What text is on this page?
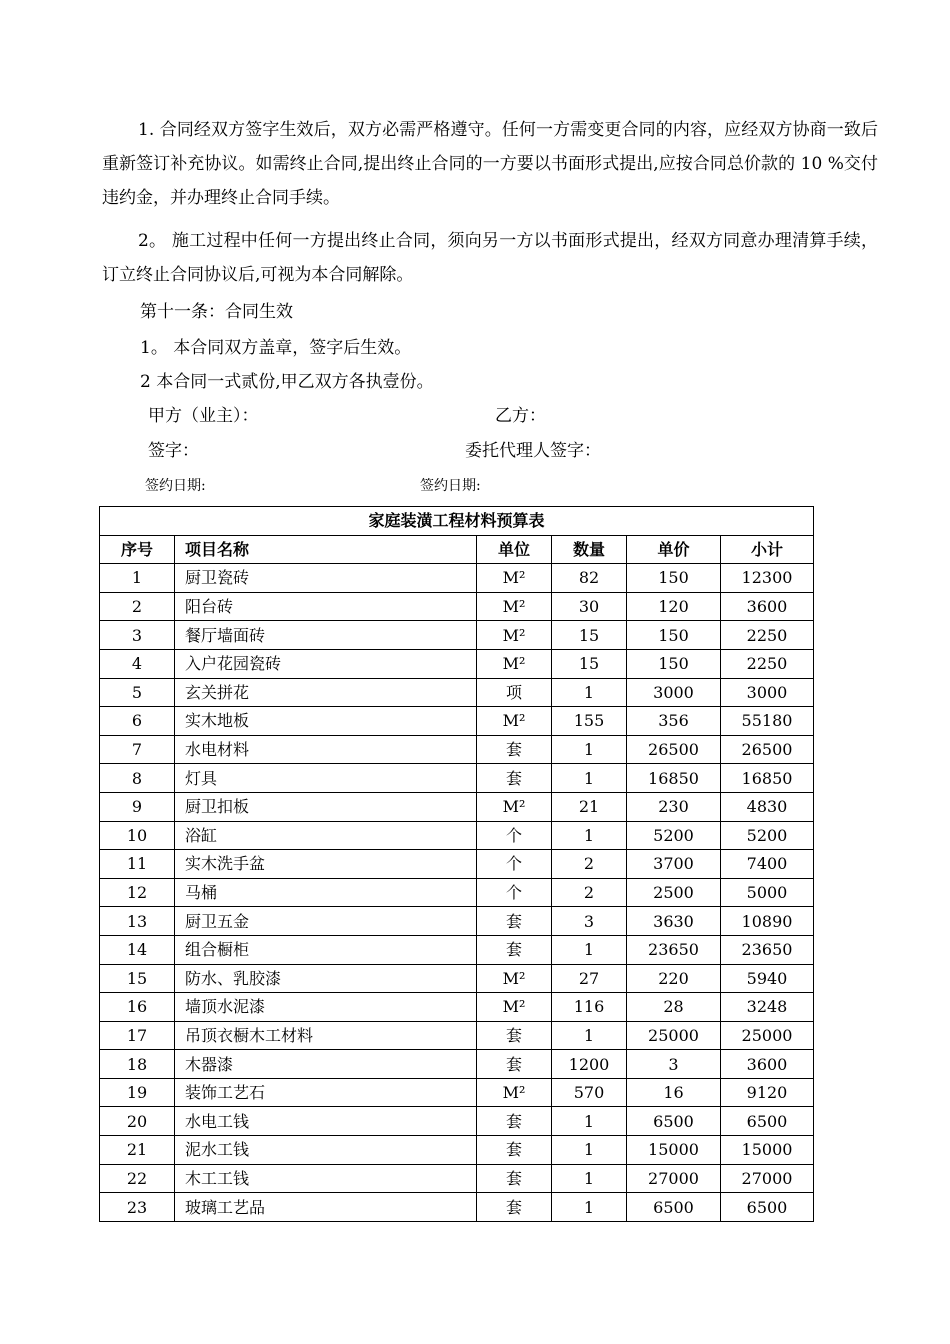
1. 合同经双方签字生效后，双方必需严格遵守。任何一方需变更合同的内容，应经双方协商一致后重新签订补充协议。如需终止合同,提出终止合同的一方要以书面形式提出,应按合同总价款的 10 %交付违约金，并办理终止合同手续。
2。 施工过程中任何一方提出终止合同，须向另一方以书面形式提出，经双方同意办理清算手续，订立终止合同协议后,可视为本合同解除。
第十一条：合同生效
1。 本合同双方盖章，签字后生效。
2 本合同一式贰份,甲乙双方各执壹份。
甲方（业主）：	乙方：
签字：	委托代理人签字：
签约日期:	签约日期:
家庭装潢工程材料预算表					
序号	项目名称	单位	数量	单价	小计
1	厨卫瓷砖	M²	82	150	12300
2	阳台砖	M²	30	120	3600
3	餐厅墙面砖	M²	15	150	2250
4	入户花园瓷砖	M²	15	150	2250
5	玄关拼花	项	1	3000	3000
6	实木地板	M²	155	356	55180
7	水电材料	套	1	26500	26500
8	灯具	套	1	16850	16850
9	厨卫扣板	M²	21	230	4830
10	浴缸	个	1	5200	5200
11	实木洗手盆	个	2	3700	7400
12	马桶	个	2	2500	5000
13	厨卫五金	套	3	3630	10890
14	组合橱柜	套	1	23650	23650
15	防水、乳胶漆	M²	27	220	5940
16	墙顶水泥漆	M²	116	28	3248
17	吊顶衣橱木工材料	套	1	25000	25000
18	木器漆	套	1200	3	3600
19	装饰工艺石	M²	570	16	9120
20	水电工钱	套	1	6500	6500
21	泥水工钱	套	1	15000	15000
22	木工工钱	套	1	27000	27000
23	玻璃工艺品	套	1	6500	6500
